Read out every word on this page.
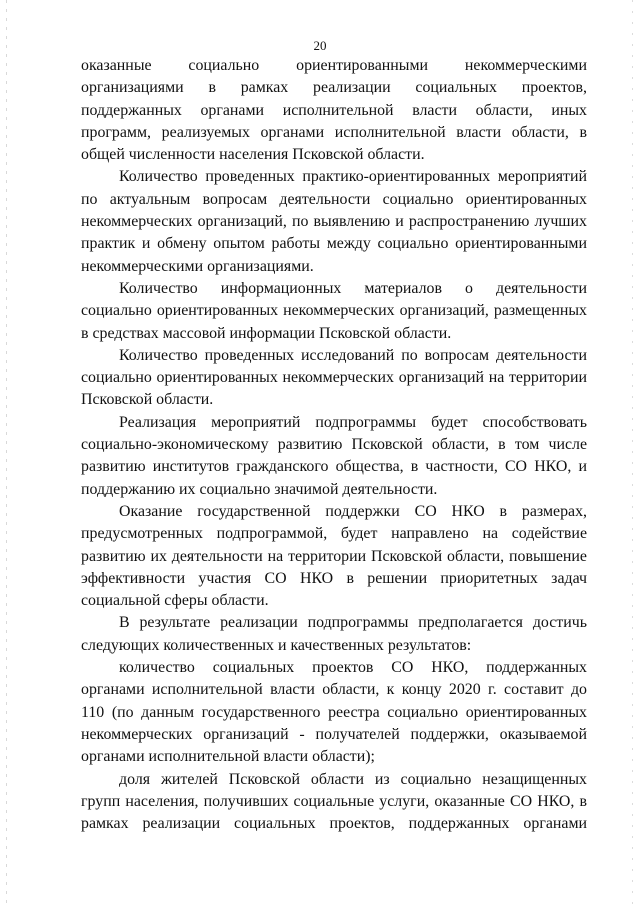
20
оказанные социально ориентированными некоммерческими
организациями в рамках реализации социальных проектов,
поддержанных органами исполнительной власти области, иных
программ, реализуемых органами исполнительной власти области, в
общей численности населения Псковской области.
Количество проведенных практико-ориентированных мероприятий
по актуальным вопросам деятельности социально ориентированных
некоммерческих организаций, по выявлению и распространению лучших
практик и обмену опытом работы между социально ориентированными
некоммерческими организациями.
Количество информационных материалов о деятельности
социально ориентированных некоммерческих организаций, размещенных
в средствах массовой информации Псковской области.
Количество проведенных исследований по вопросам деятельности
социально ориентированных некоммерческих организаций на территории
Псковской области.
Реализация мероприятий подпрограммы будет способствовать
социально-экономическому развитию Псковской области, в том числе
развитию институтов гражданского общества, в частности, СО НКО, и
поддержанию их социально значимой деятельности.
Оказание государственной поддержки СО НКО в размерах,
предусмотренных подпрограммой, будет направлено на содействие
развитию их деятельности на территории Псковской области, повышение
эффективности участия СО НКО в решении приоритетных задач
социальной сферы области.
В результате реализации подпрограммы предполагается достичь
следующих количественных и качественных результатов:
количество социальных проектов СО НКО, поддержанных
органами исполнительной власти области, к концу 2020 г. составит до
110 (по данным государственного реестра социально ориентированных
некоммерческих организаций - получателей поддержки, оказываемой
органами исполнительной власти области);
доля жителей Псковской области из социально незащищенных
групп населения, получивших социальные услуги, оказанные СО НКО, в
рамках реализации социальных проектов, поддержанных органами
